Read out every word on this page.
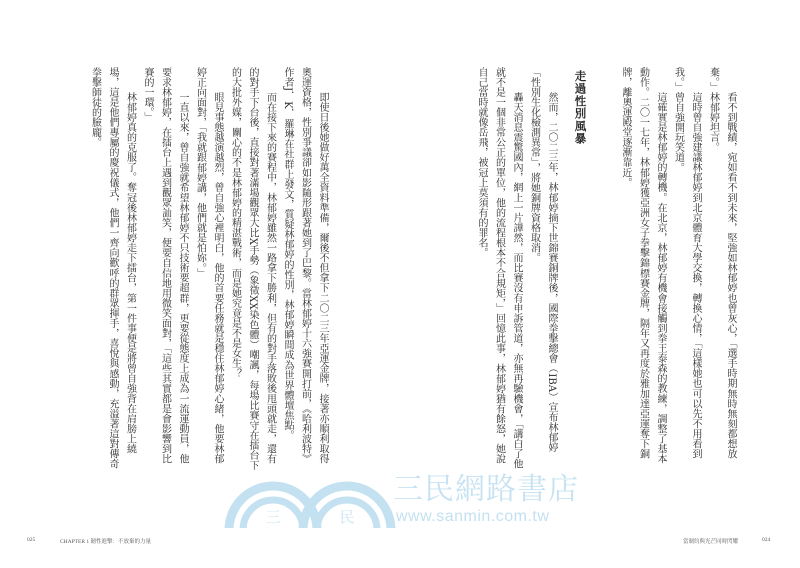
看不到戰績，宛如看不到未來，堅強如林郁婷也曾灰心，「選手時期無時無刻都想放棄。」林郁婷坦言。

這時曾自強建議林郁婷到北京體育大學交換，轉換心情，「這樣她也可以先不用看到我。」曾自強開玩笑道。

這確實是林郁婷的轉機。在北京，林郁婷有機會接觸到拳王泰森的教練，調整了基本動作。二〇一七年，林郁婷獲亞洲女子拳擊錦標賽金牌，隔年又再度於雅加達亞運奪下銅牌，離奧運殿堂逐漸靠近。

走過性別風暴

然而，二〇二三年，林郁婷摘下世錦賽銅牌後，國際拳擊總會（IBA）宣布林郁婷「性別生化檢測異常」，將她銅牌資格取消。

轟天消息震驚國內，網上一片譁然，而比賽沒有申訴管道，亦無再驗機會，「講白了他就不是一個非常公正的單位，他的流程根本不合規矩，」回憶此事，林郁婷猶有餘怒，她說自己當時就像岳飛，被冠上莫須有的罪名。

即使日後她做好萬全資料準備，爾後不但拿下二〇二三年亞運金牌，接著亦順利取得奧運資格，性別爭議卻如影隨形跟著她到了巴黎。當林郁婷十六強賽開打前，《哈利波特》作者J．K．羅琳在社群上發文，質疑林郁婷的性別，林郁婷瞬間成為世界體壇焦點。

而在接下來的賽程中，林郁婷雖然一路拿下勝利，但有的對手落敗後甩頭就走，還有的對手下台後，直接對著滿場觀眾大比X手勢（象徵XX染色體）嘲諷，每場比賽守在擂台下的大批外媒，關心的不是林郁婷的精湛戰術，而是她究竟是不是女生？

眼見事態越演越烈，曾自強心裡明白，他的首要任務就是穩住林郁婷心緒，他要林郁婷正向面對，「我就跟郁婷講，他們就是怕妳。」

一直以來，曾自強就希望林郁婷不只技術要超群，更要從態度上成為一流運動員，他要求林郁婷，在擂台上遇到觀眾訕笑，便要自信地用微笑面對，「這些其實都是會影響到比賽的一環。」

林郁婷真的克服了。奪冠後林郁婷走下擂台，第一件事便是將曾自強背在肩膀上繞場，這是他們專屬的慶祝儀式，他們一齊向歡呼的群眾揮手，喜悅與感動，充溢著這對傳奇拳擊師徒的臉龐。

025	CHAPTER 1 韌性進擊：不放棄的力量	當制約與光芒同時閃耀	024
三	民
三民網路書店
www.sanmin.com.tw
